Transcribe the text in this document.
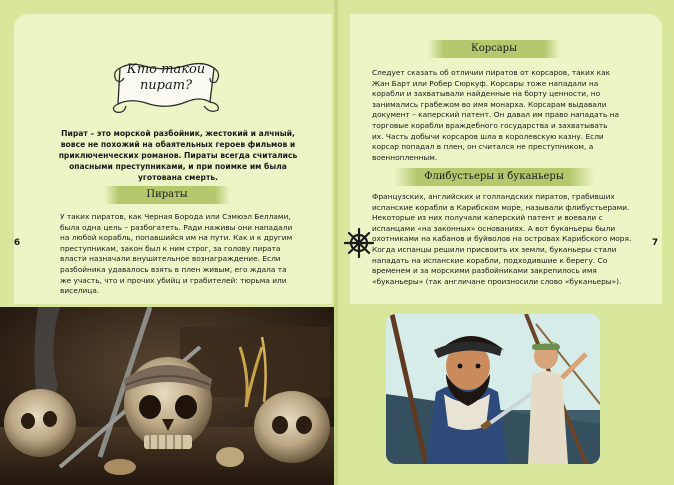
Кто такой
пират?
Пират – это морской разбойник, жестокий и алчный, вовсе не похожий на обаятельных героев фильмов и приключенческих романов. Пираты всегда считались опасными преступниками, и при поимке им была уготована смерть.
Пираты
У таких пиратов, как Черная Борода или Сэмюэл Беллами, была одна цель – разбогатеть. Ради наживы они нападали на любой корабль, попавшийся им на пути. Как и к другим преступникам, закон был к ним строг, за голову пирата власти назначали внушительное вознаграждение. Если разбойника удавалось взять в плен живым, его ждала та же участь, что и прочих убийц и грабителей: тюрьма или виселица.
6
Корсары
Следует сказать об отличии пиратов от корсаров, таких как Жан Барт или Робер Сюркуф. Корсары тоже нападали на корабли и захватывали найденные на борту ценности, но занимались грабежом во имя монарха. Корсарам выдавали документ – каперский патент. Он давал им право нападать на торговые корабли враждебного государства и захватывать их. Часть добычи корсаров шла в королевскую казну. Если корсар попадал в плен, он считался не преступником, а военнопленным.
Флибустьеры и буканьеры
Французских, английских и голландских пиратов, грабивших испанские корабли в Карибском море, называли флибустьерами. Некоторые из них получали каперский патент и воевали с испанцами «на законных» основаниях. А вот буканьеры были охотниками на кабанов и буйволов на островах Карибского моря. Когда испанцы решили присвоить их земли, буканьеры стали нападать на испанские корабли, подходившие к берегу. Со временем и за морскими разбойниками закрепилось имя «буканьеры» (так англичане произносили слово «буканьеры»).
7
